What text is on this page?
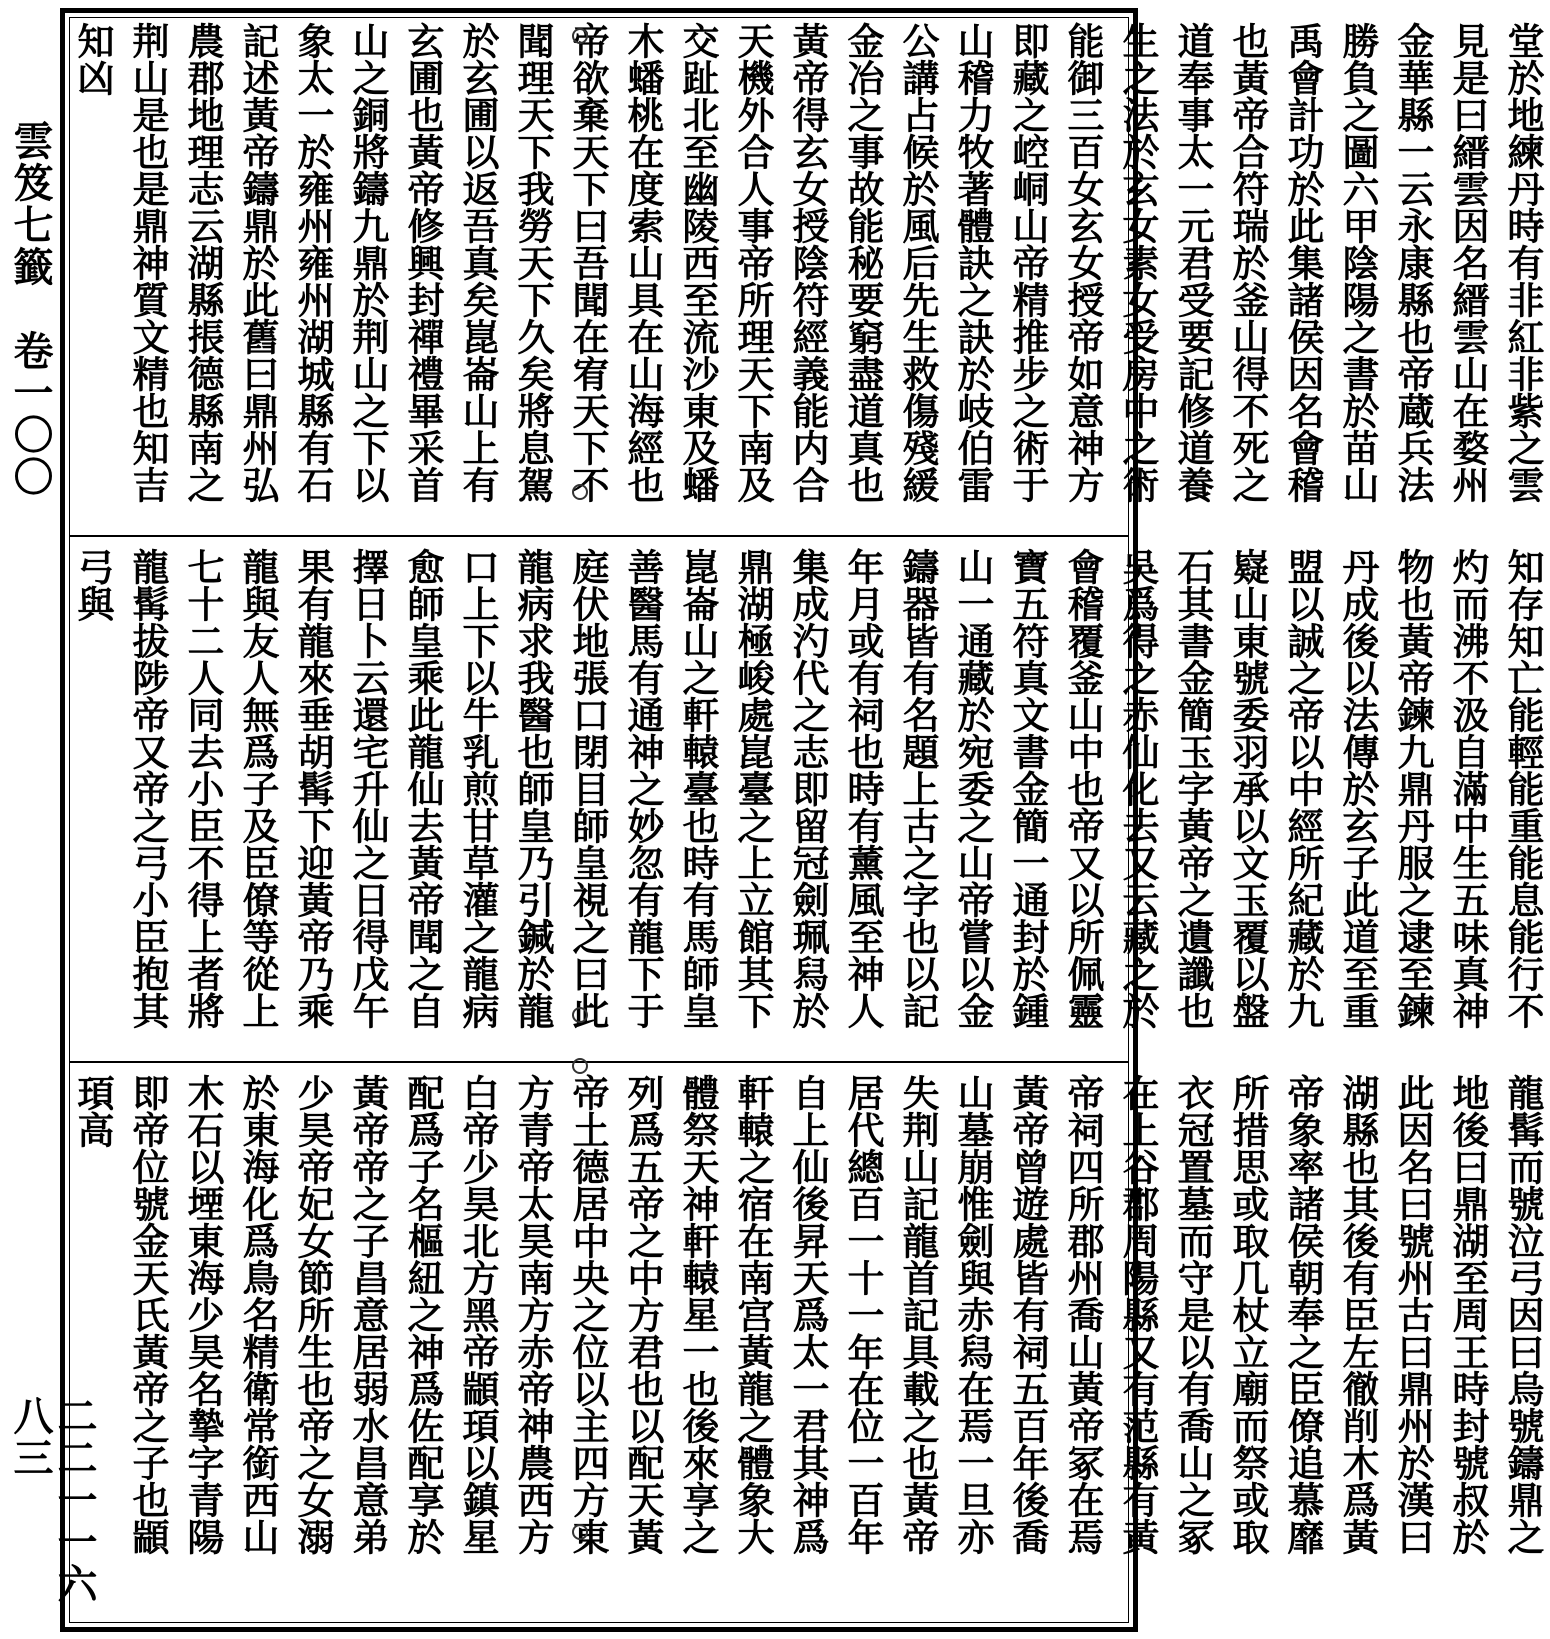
雲笈七籤　卷一〇〇
二二一一六八三
堂於地練丹時有非紅非紫之雲見是曰縉雲因名縉雲山在婺州金華縣一云永康縣也帝蔵兵法勝負之圖六甲陰陽之書於苗山禹會計功於此集諸侯因名會稽也黃帝合符瑞於釜山得不死之道奉事太一元君受要記修道養生之法於玄女素女受房中之術能御三百女玄女授帝如意神方即藏之崆峒山帝精推步之術于山稽力牧著體訣之訣於岐伯雷公講占候於風后先生救傷殘緩金冶之事故能秘要窮盡道真也黃帝得玄女授陰符經義能内合天機外合人事帝所理天下南及交趾北至幽陵西至流沙東及蟠木蟠桃在度索山具在山海經也帝欲棄天下曰吾聞在宥天下不聞理天下我勞天下久矣將息駕於玄圃以返吾真矣崑崙山上有玄圃也黃帝修興封禪禮畢采首山之銅將鑄九鼎於荆山之下以象太一於雍州雍州湖城縣有石記述黃帝鑄鼎於此舊曰鼎州弘農郡地理志云湖縣掁德縣南之荆山是也是鼎神質文精也知吉知凶
知存知亡能輕能重能息能行不灼而沸不汲自滿中生五味真神物也黃帝鍊九鼎丹服之逮至鍊丹成後以法傳於玄子此道至重盟以誠之帝以中經所紀藏於九嶷山東號委羽承以文玉覆以盤石其書金簡玉字黃帝之遺讖也吳爲得之赤仙化去又云藏之於會稽覆釜山中也帝又以所佩靈寶五符真文書金簡一通封於鍾山一通藏於宛委之山帝嘗以金鑄器皆有名題上古之字也以記年月或有祠也時有薰風至神人集成汋代之志即留冠劍珮舄於鼎湖極峻處崑臺之上立館其下崑崙山之軒轅臺也時有馬師皇善醫馬有通神之妙忽有龍下于庭伏地張口閉目師皇視之曰此龍病求我醫也師皇乃引鍼於龍口上下以牛乳煎甘草灌之龍病愈師皇乘此龍仙去黃帝聞之自擇日卜云還宅升仙之日得戊午果有龍來垂胡髯下迎黃帝乃乘龍與友人無爲子及臣僚等從上七十二人同去小臣不得上者將龍髯拔陟帝又帝之弓小臣抱其弓與
龍髯而號泣弓因曰烏號鑄鼎之地後曰鼎湖至周王時封號叔於此因名曰號州古曰鼎州於漢曰湖縣也其後有臣左徹削木爲黃帝象率諸侯朝奉之臣僚追慕靡所措思或取几杖立廟而祭或取衣冠置墓而守是以有喬山之冢在上谷郡周陽縣又有范縣有黃帝祠四所郡州喬山黃帝冢在焉黃帝曾遊處皆有祠五百年後喬山墓崩惟劍與赤舄在焉一旦亦失荆山記龍首記具載之也黃帝居代總百一十一年在位一百年自上仙後昇天爲太一君其神爲軒轅之宿在南宫黃龍之體象大體祭天神軒轅星一也後來享之列爲五帝之中方君也以配天黃帝土德居中央之位以主四方東方青帝太昊南方赤帝神農西方白帝少昊北方黑帝顓頊以鎮星配爲子名樞紐之神爲佐配享於黃帝帝之子昌意居弱水昌意弟少昊帝妃女節所生也帝之女溺於東海化爲鳥名精衛常銜西山木石以堙東海少昊名摯字青陽即帝位號金天氏黃帝之子也顓頊高
